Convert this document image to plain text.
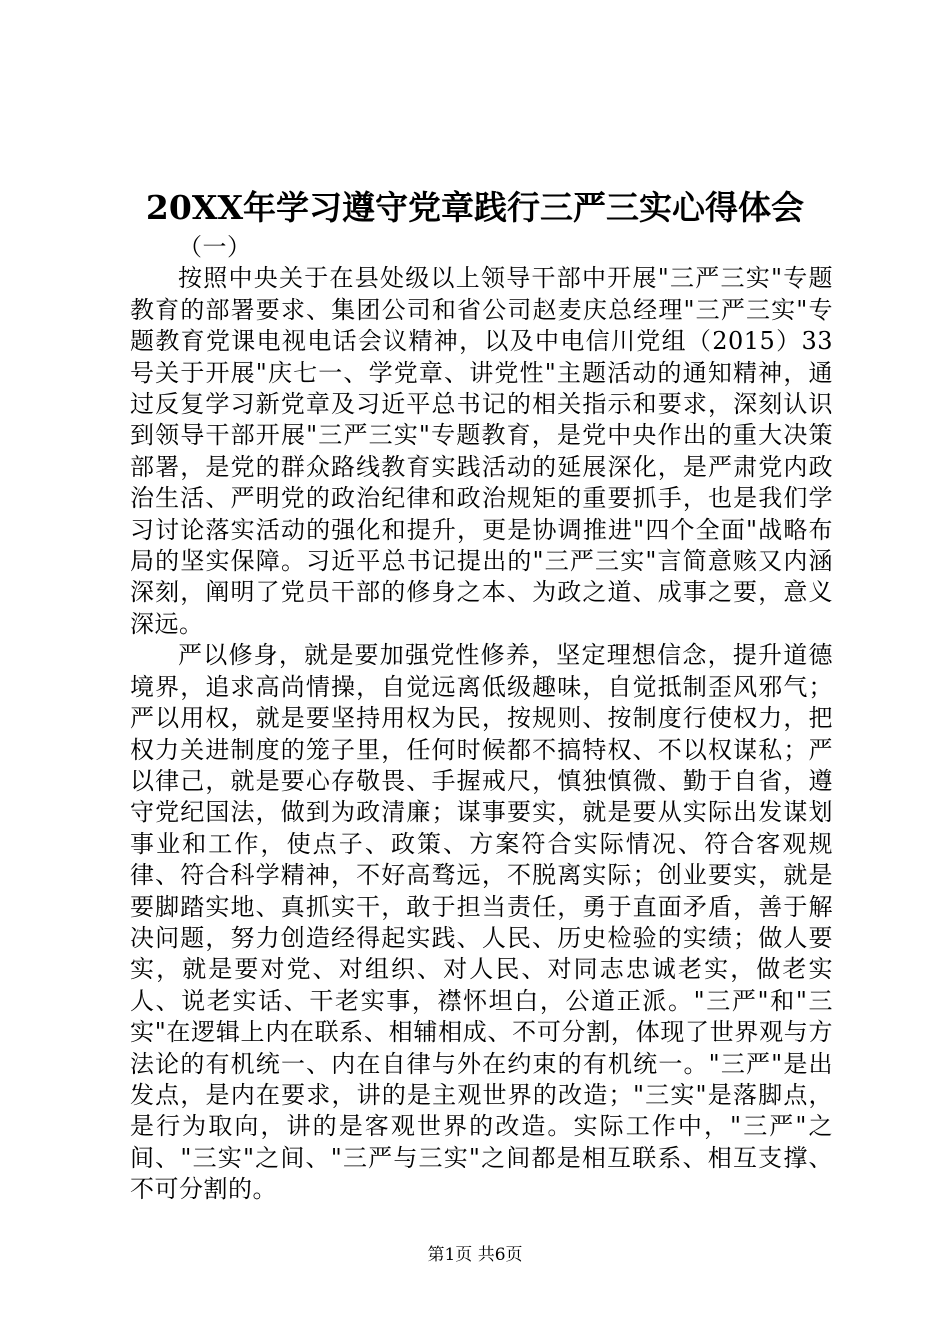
20XX年学习遵守党章践行三严三实心得体会

（一）

按照中央关于在县处级以上领导干部中开展"三严三实"专题教育的部署要求、集团公司和省公司赵麦庆总经理"三严三实"专题教育党课电视电话会议精神，以及中电信川党组（2015）33号关于开展"庆七一、学党章、讲党性"主题活动的通知精神，通过反复学习新党章及习近平总书记的相关指示和要求，深刻认识到领导干部开展"三严三实"专题教育，是党中央作出的重大决策部署，是党的群众路线教育实践活动的延展深化，是严肃党内政治生活、严明党的政治纪律和政治规矩的重要抓手，也是我们学习讨论落实活动的强化和提升，更是协调推进"四个全面"战略布局的坚实保障。习近平总书记提出的"三严三实"言简意赅又内涵深刻，阐明了党员干部的修身之本、为政之道、成事之要，意义深远。

严以修身，就是要加强党性修养，坚定理想信念，提升道德境界，追求高尚情操，自觉远离低级趣味，自觉抵制歪风邪气；严以用权，就是要坚持用权为民，按规则、按制度行使权力，把权力关进制度的笼子里，任何时候都不搞特权、不以权谋私；严以律己，就是要心存敬畏、手握戒尺，慎独慎微、勤于自省，遵守党纪国法，做到为政清廉；谋事要实，就是要从实际出发谋划事业和工作，使点子、政策、方案符合实际情况、符合客观规律、符合科学精神，不好高骛远，不脱离实际；创业要实，就是要脚踏实地、真抓实干，敢于担当责任，勇于直面矛盾，善于解决问题，努力创造经得起实践、人民、历史检验的实绩；做人要实，就是要对党、对组织、对人民、对同志忠诚老实，做老实人、说老实话、干老实事，襟怀坦白，公道正派。"三严"和"三实"在逻辑上内在联系、相辅相成、不可分割，体现了世界观与方法论的有机统一、内在自律与外在约束的有机统一。"三严"是出发点，是内在要求，讲的是主观世界的改造；"三实"是落脚点，是行为取向，讲的是客观世界的改造。实际工作中，"三严"之间、"三实"之间、"三严与三实"之间都是相互联系、相互支撑、不可分割的。

第1页 共6页
